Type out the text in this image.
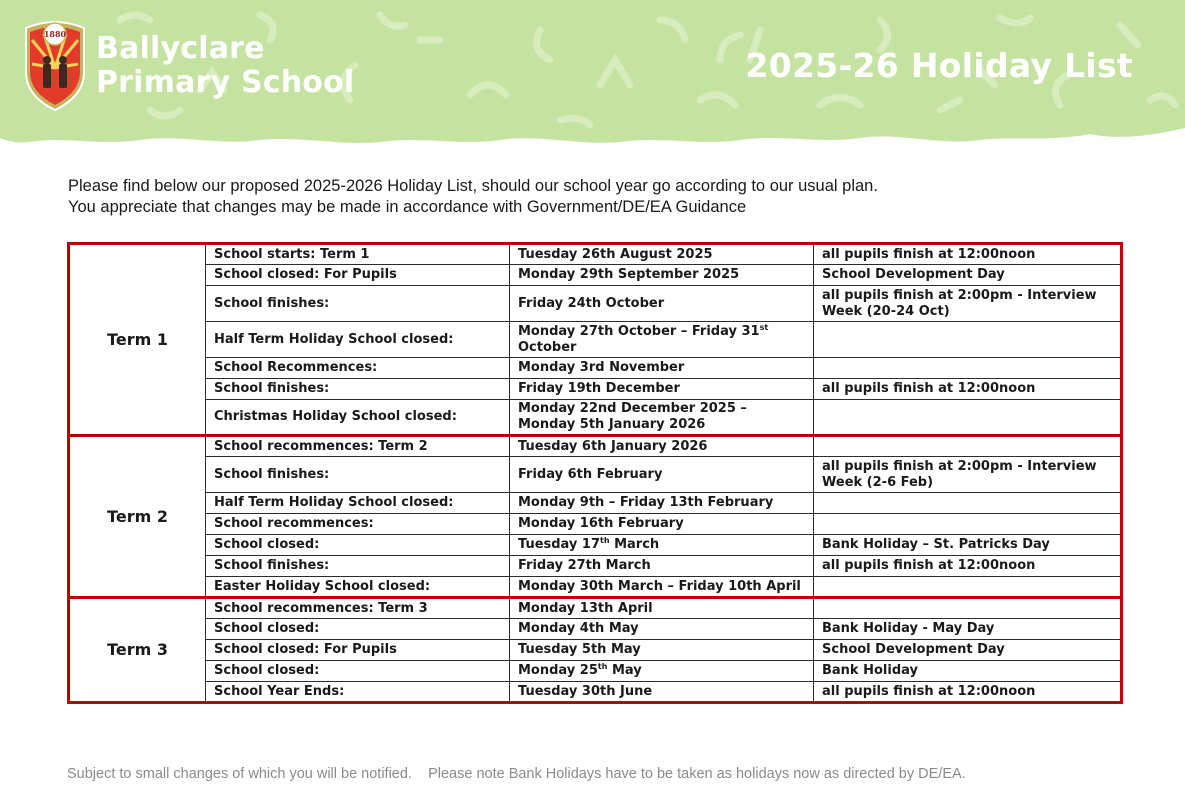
1880 Ballyclare
Primary School	2025-26 Holiday List

Please find below our proposed 2025-2026 Holiday List, should our school year go according to our usual plan.

You appreciate that changes may be made in accordance with Government/DE/EA Guidance

Term 1	School starts: Term 1	Tuesday 26th August 2025	all pupils finish at 12:00noon
	School closed: For Pupils	Monday 29th September 2025	School Development Day
	School finishes:	Friday 24th October	all pupils finish at 2:00pm - Interview Week (20-24 Oct)
	Half Term Holiday School closed:	Monday 27th October – Friday 31st October	
	School Recommences:	Monday 3rd November	
	School finishes:	Friday 19th December	all pupils finish at 12:00noon
	Christmas Holiday School closed:	Monday 22nd December 2025 – Monday 5th January 2026	
Term 2	School recommences: Term 2	Tuesday 6th January 2026	
	School finishes:	Friday 6th February	all pupils finish at 2:00pm - Interview Week (2-6 Feb)
	Half Term Holiday School closed:	Monday 9th – Friday 13th February	
	School recommences:	Monday 16th February	
	School closed:	Tuesday 17th March	Bank Holiday – St. Patricks Day
	School finishes:	Friday 27th March	all pupils finish at 12:00noon
	Easter Holiday School closed:	Monday 30th March – Friday 10th April	
Term 3	School recommences: Term 3	Monday 13th April	
	School closed:	Monday 4th May	Bank Holiday - May Day
	School closed: For Pupils	Tuesday 5th May	School Development Day
	School closed:	Monday 25th May	Bank Holiday
	School Year Ends:	Tuesday 30th June	all pupils finish at 12:00noon
Subject to small changes of which you will be notified.    Please note Bank Holidays have to be taken as holidays now as directed by DE/EA.
